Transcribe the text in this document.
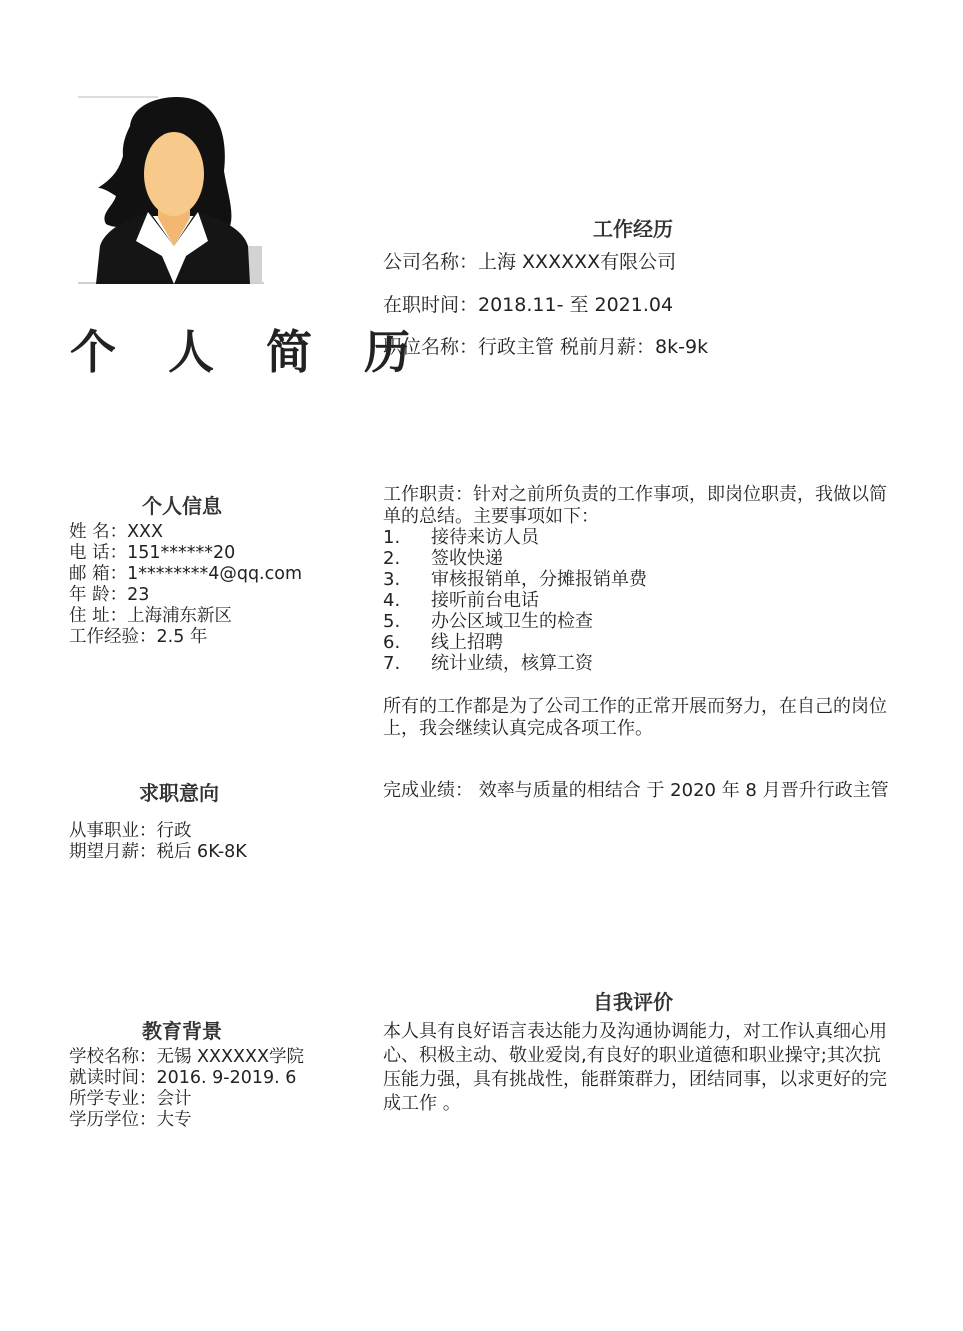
个 人 简 历
个人信息
姓 名：XXX
电 话：151******20
邮 箱：1********4@qq.com
年 龄：23
住 址：上海浦东新区
工作经验：2.5 年
求职意向
从事职业：行政
期望月薪：税后 6K-8K
教育背景
学校名称：无锡 XXXXXX学院
就读时间：2016. 9-2019. 6
所学专业：会计
学历学位：大专
工作经历
公司名称：上海 XXXXXX有限公司
在职时间：2018.11- 至 2021.04
职位名称：行政主管 税前月薪：8k-9k
工作职责：针对之前所负责的工作事项，即岗位职责，我做以简单的总结。主要事项如下：
1. 接待来访人员
2. 签收快递
3. 审核报销单，分摊报销单费
4. 接听前台电话
5. 办公区域卫生的检查
6. 线上招聘
7. 统计业绩，核算工资
所有的工作都是为了公司工作的正常开展而努力，在自己的岗位上，我会继续认真完成各项工作。
完成业绩： 效率与质量的相结合 于 2020 年 8 月晋升行政主管
自我评价
本人具有良好语言表达能力及沟通协调能力，对工作认真细心用心、积极主动、敬业爱岗,有良好的职业道德和职业操守;其次抗压能力强，具有挑战性，能群策群力，团结同事，以求更好的完成工作 。
